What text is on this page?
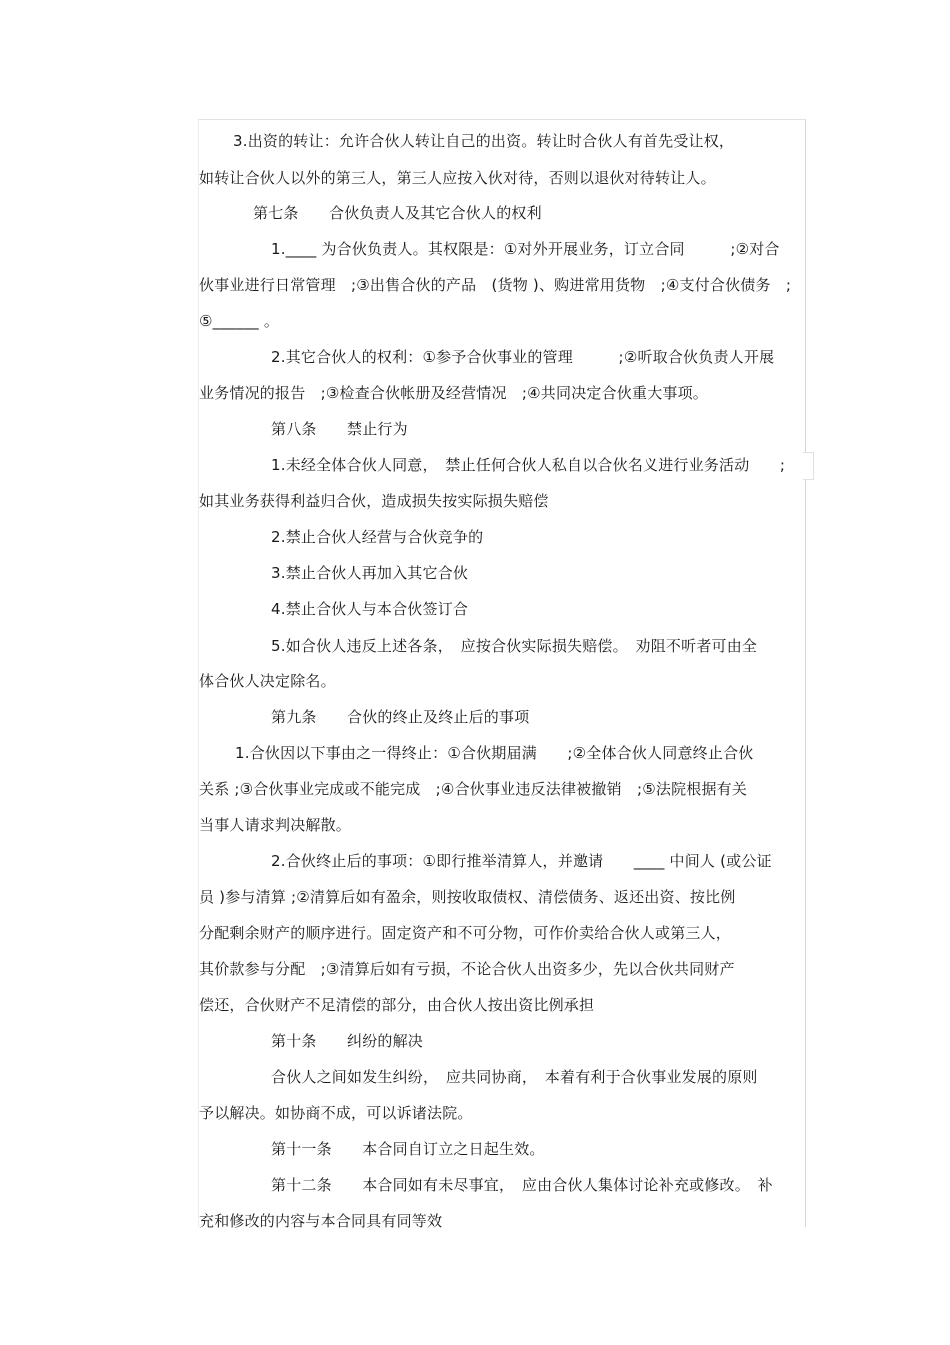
3.出资的转让：允许合伙人转让自己的出资。转让时合伙人有首先受让权，
如转让合伙人以外的第三人，第三人应按入伙对待，否则以退伙对待转让人。
第七条　　合伙负责人及其它合伙人的权利
1.____ 为合伙负责人。其权限是：①对外开展业务，订立合同　　　;②对合
伙事业进行日常管理　;③出售合伙的产品　(货物 )、购进常用货物　;④支付合伙债务　;
⑤______ 。
2.其它合伙人的权利：①参予合伙事业的管理　　　;②听取合伙负责人开展
业务情况的报告　;③检查合伙帐册及经营情况　;④共同决定合伙重大事项。
第八条　　禁止行为
1.未经全体合伙人同意，　禁止任何合伙人私自以合伙名义进行业务活动　　;
如其业务获得利益归合伙，造成损失按实际损失赔偿
2.禁止合伙人经营与合伙竞争的
3.禁止合伙人再加入其它合伙
4.禁止合伙人与本合伙签订合
5.如合伙人违反上述各条，　应按合伙实际损失赔偿。　劝阻不听者可由全
体合伙人决定除名。
第九条　　合伙的终止及终止后的事项
1.合伙因以下事由之一得终止：①合伙期届满　　;②全体合伙人同意终止合伙
关系 ;③合伙事业完成或不能完成　;④合伙事业违反法律被撤销　;⑤法院根据有关
当事人请求判决解散。
2.合伙终止后的事项：①即行推举清算人，并邀请　　____ 中间人 (或公证
员 )参与清算 ;②清算后如有盈余，则按收取债权、清偿债务、返还出资、按比例
分配剩余财产的顺序进行。固定资产和不可分物，可作价卖给合伙人或第三人，
其价款参与分配　;③清算后如有亏损，不论合伙人出资多少，先以合伙共同财产
偿还，合伙财产不足清偿的部分，由合伙人按出资比例承担
第十条　　纠纷的解决
合伙人之间如发生纠纷，　应共同协商，　本着有利于合伙事业发展的原则
予以解决。如协商不成，可以诉诸法院。
第十一条　　本合同自订立之日起生效。
第十二条　　本合同如有未尽事宜，　应由合伙人集体讨论补充或修改。　补
充和修改的内容与本合同具有同等效
